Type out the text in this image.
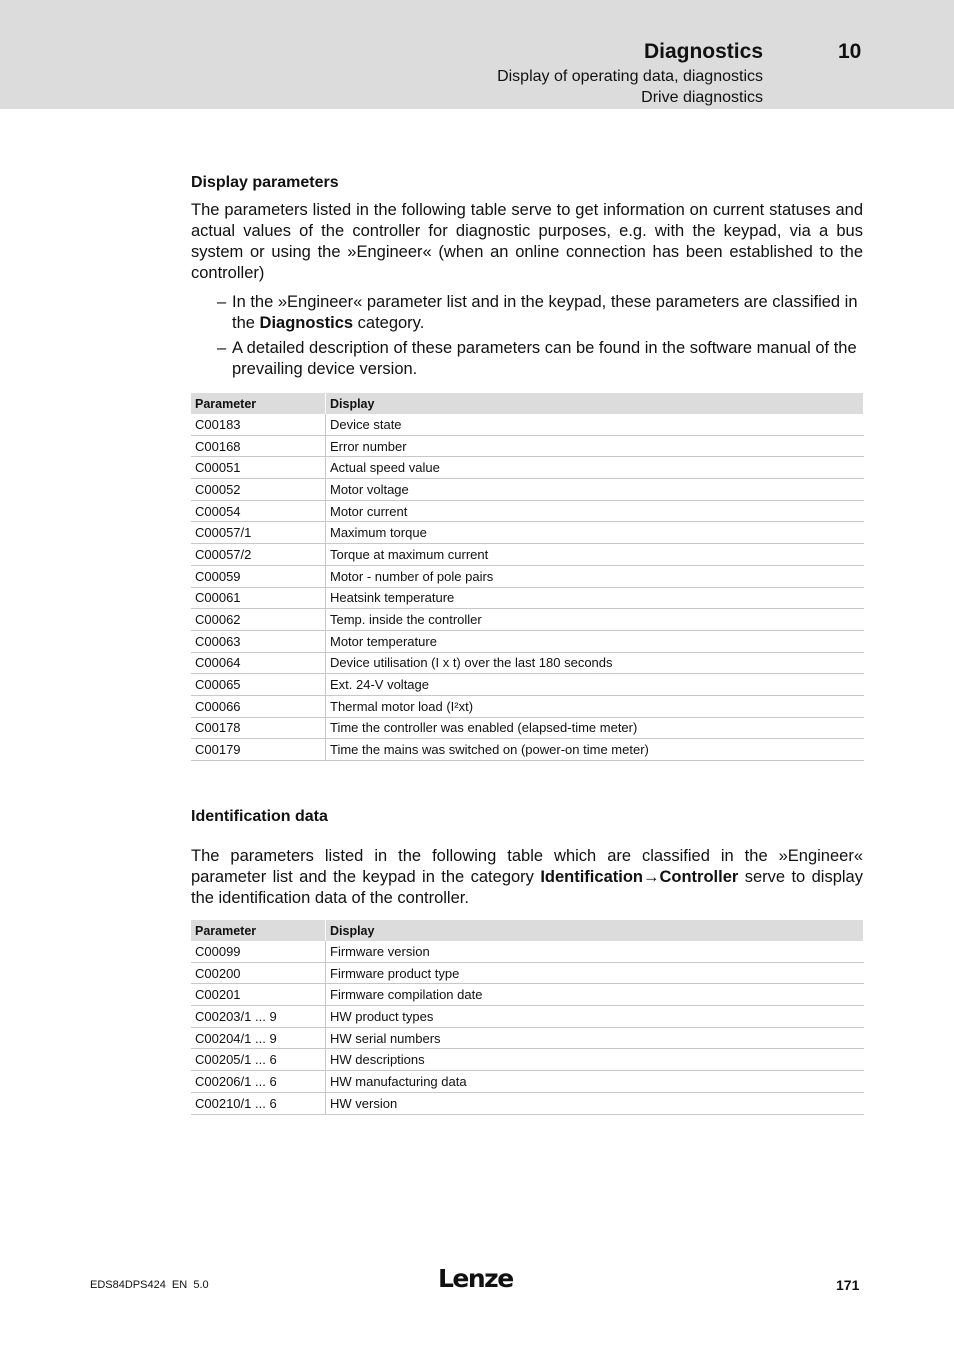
Diagnostics	10
Display of operating data, diagnostics
Drive diagnostics
Display parameters
The parameters listed in the following table serve to get information on current statuses and actual values of the controller for diagnostic purposes, e.g. with the keypad, via a bus system or using the »Engineer« (when an online connection has been established to the controller)
– In the »Engineer« parameter list and in the keypad, these parameters are classified in the Diagnostics category.
– A detailed description of these parameters can be found in the software manual of the prevailing device version.
Parameter	Display
C00183	Device state
C00168	Error number
C00051	Actual speed value
C00052	Motor voltage
C00054	Motor current
C00057/1	Maximum torque
C00057/2	Torque at maximum current
C00059	Motor - number of pole pairs
C00061	Heatsink temperature
C00062	Temp. inside the controller
C00063	Motor temperature
C00064	Device utilisation (I x t) over the last 180 seconds
C00065	Ext. 24-V voltage
C00066	Thermal motor load (I²xt)
C00178	Time the controller was enabled (elapsed-time meter)
C00179	Time the mains was switched on (power-on time meter)
Identification data
The parameters listed in the following table which are classified in the »Engineer« parameter list and the keypad in the category Identification→Controller serve to display the identification data of the controller.
Parameter	Display
C00099	Firmware version
C00200	Firmware product type
C00201	Firmware compilation date
C00203/1 ... 9	HW product types
C00204/1 ... 9	HW serial numbers
C00205/1 ... 6	HW descriptions
C00206/1 ... 6	HW manufacturing data
C00210/1 ... 6	HW version
EDS84DPS424  EN  5.0	Lenze	171
